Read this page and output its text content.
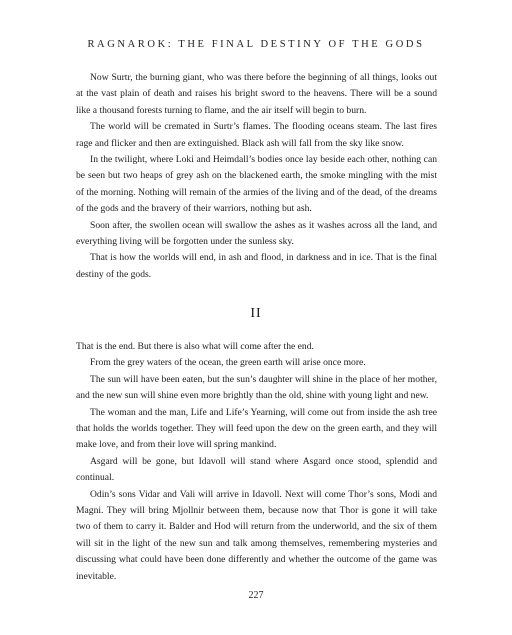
RAGNAROK: THE FINAL DESTINY OF THE GODS

Now Surtr, the burning giant, who was there before the beginning of all things, looks out at the vast plain of death and raises his bright sword to the heavens. There will be a sound like a thousand forests turning to flame, and the air itself will begin to burn.

The world will be cremated in Surtr’s flames. The flooding oceans steam. The last fires rage and flicker and then are extinguished. Black ash will fall from the sky like snow.

In the twilight, where Loki and Heimdall’s bodies once lay beside each other, nothing can be seen but two heaps of grey ash on the blackened earth, the smoke mingling with the mist of the morning. Nothing will remain of the armies of the living and of the dead, of the dreams of the gods and the bravery of their warriors, nothing but ash.

Soon after, the swollen ocean will swallow the ashes as it washes across all the land, and everything living will be forgotten under the sunless sky.

That is how the worlds will end, in ash and flood, in darkness and in ice. That is the final destiny of the gods.

II

That is the end. But there is also what will come after the end.

From the grey waters of the ocean, the green earth will arise once more.

The sun will have been eaten, but the sun’s daughter will shine in the place of her mother, and the new sun will shine even more brightly than the old, shine with young light and new.

The woman and the man, Life and Life’s Yearning, will come out from inside the ash tree that holds the worlds together. They will feed upon the dew on the green earth, and they will make love, and from their love will spring mankind.

Asgard will be gone, but Idavoll will stand where Asgard once stood, splendid and continual.

Odin’s sons Vidar and Vali will arrive in Idavoll. Next will come Thor’s sons, Modi and Magni. They will bring Mjollnir between them, because now that Thor is gone it will take two of them to carry it. Balder and Hod will return from the underworld, and the six of them will sit in the light of the new sun and talk among themselves, remembering mysteries and discussing what could have been done differently and whether the outcome of the game was inevitable.

227
